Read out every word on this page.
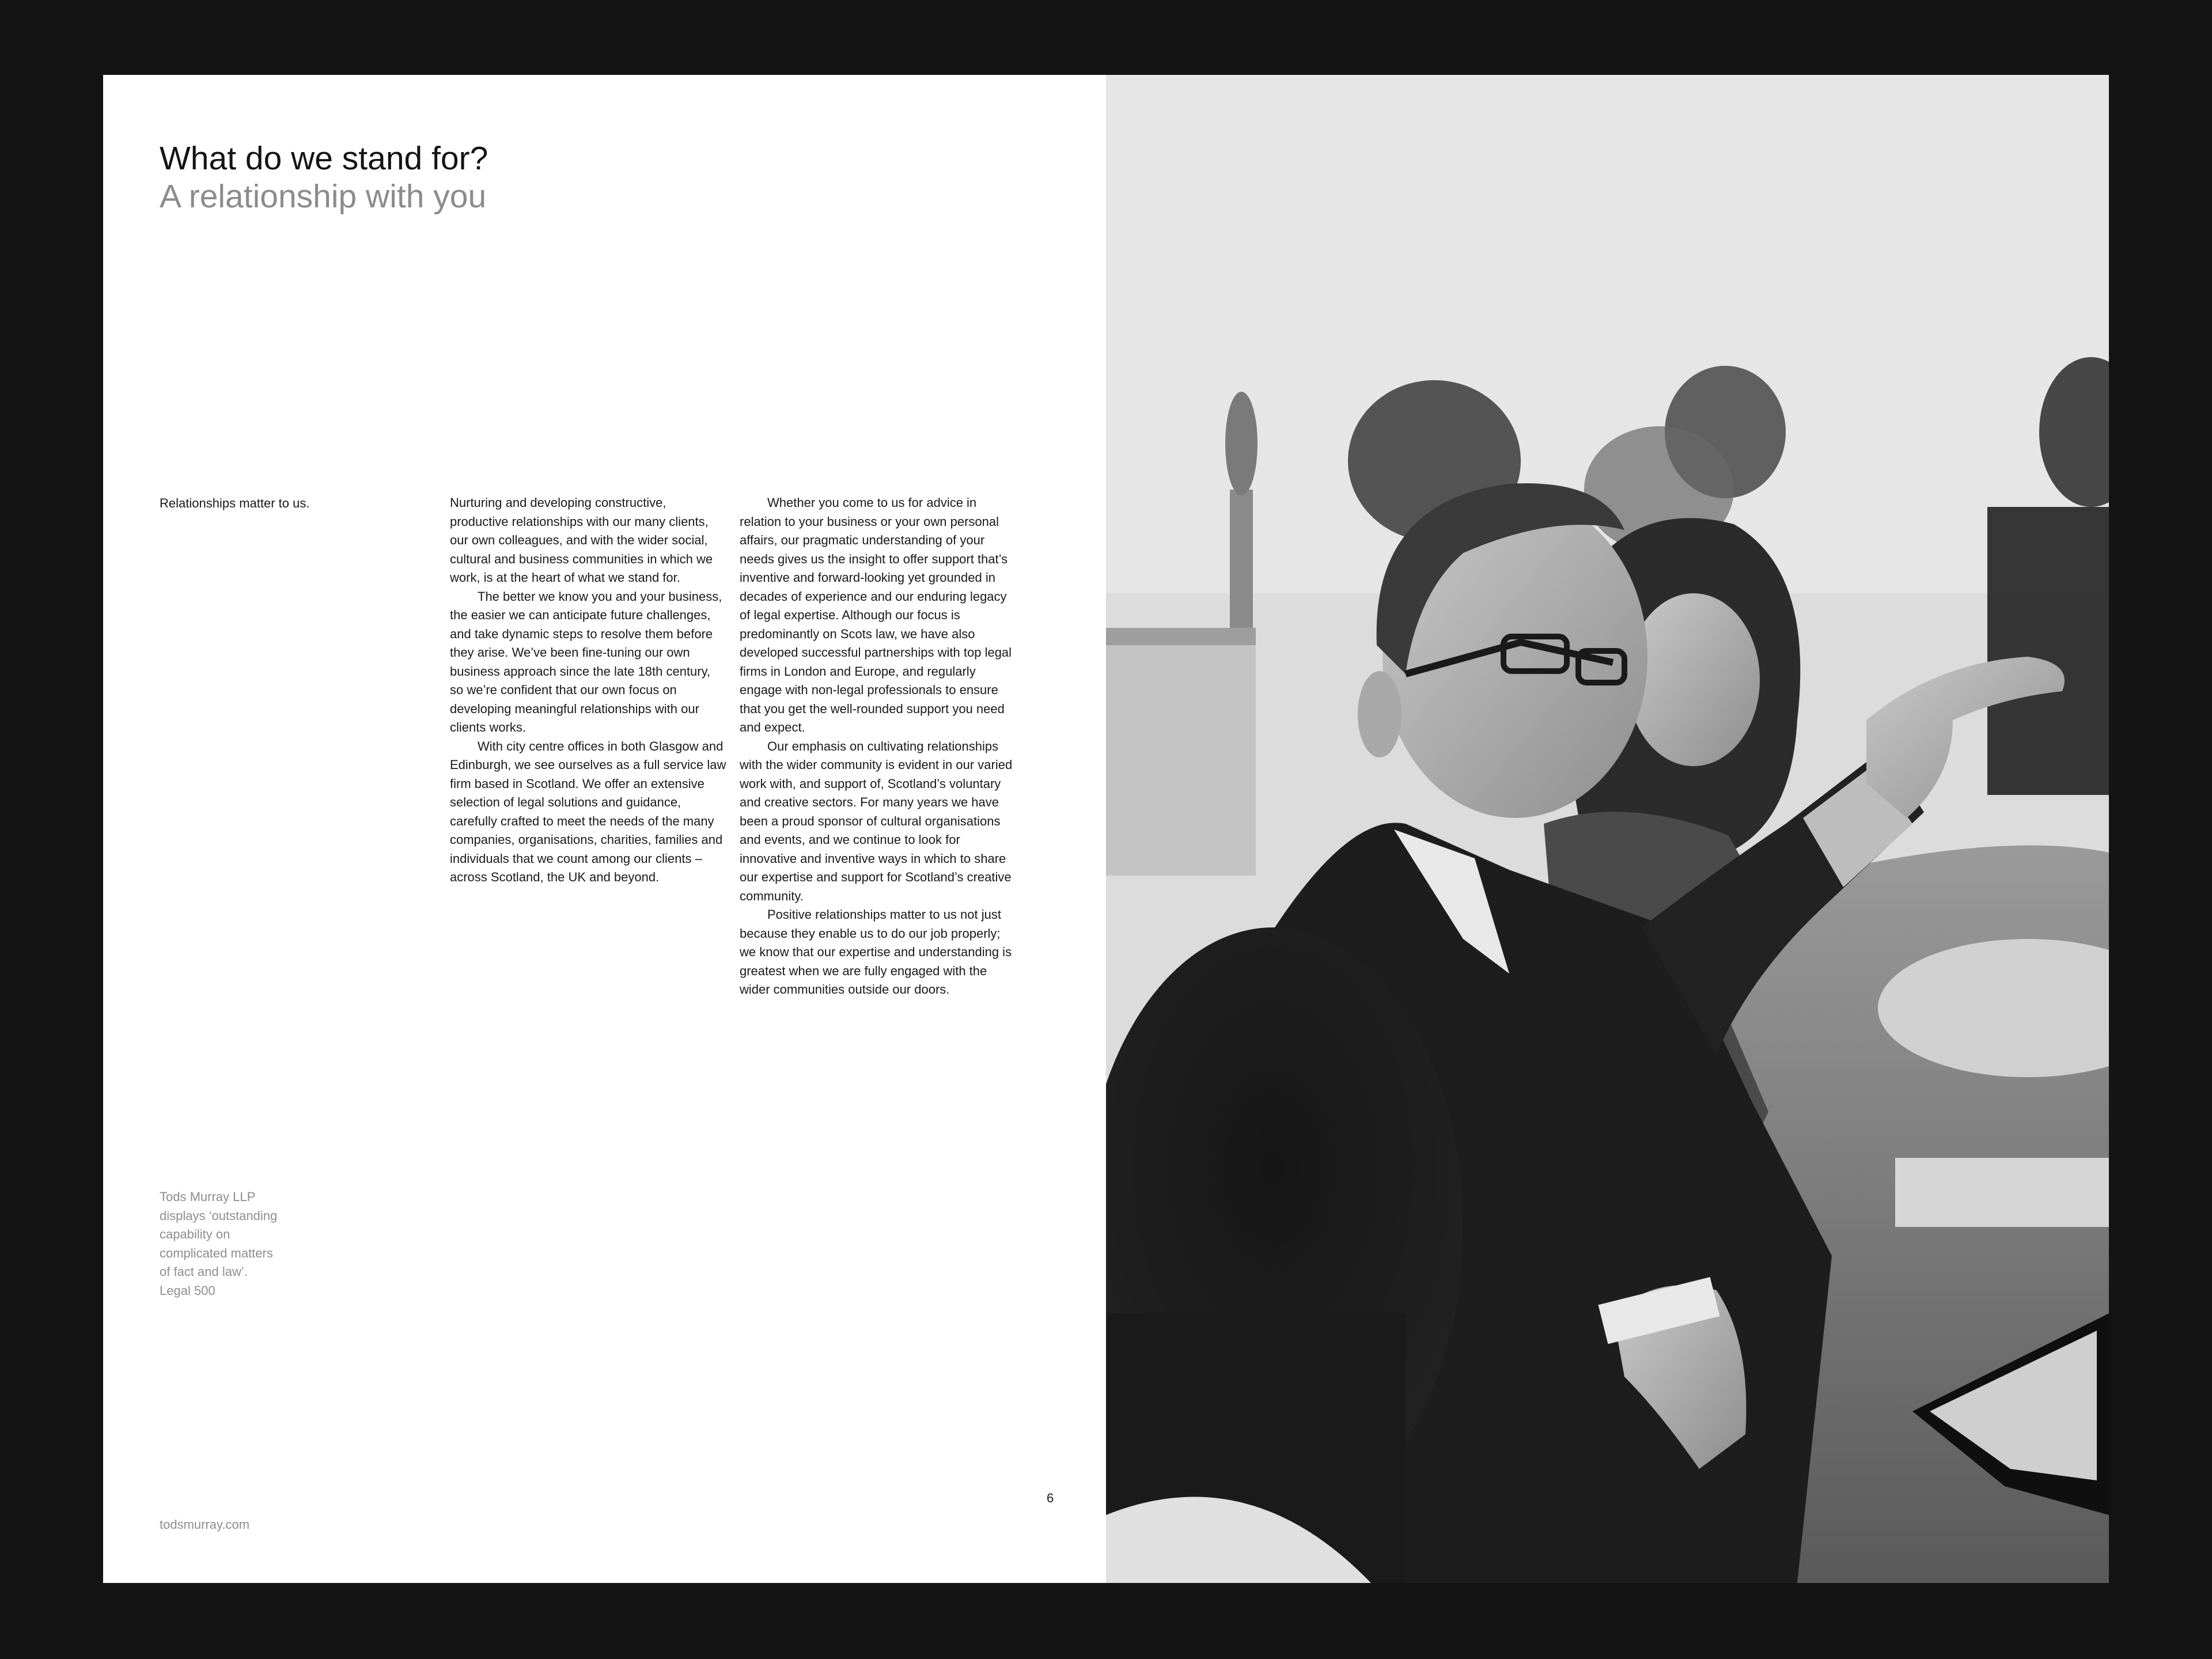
What do we stand for?
A relationship with you
Relationships matter to us.	Nurturing and developing constructive, productive relationships with our many clients, our own colleagues, and with the wider social, cultural and business communities in which we work, is at the heart of what we stand for.

The better we know you and your business, the easier we can anticipate future challenges, and take dynamic steps to resolve them before they arise. We’ve been fine-tuning our own business approach since the late 18th century, so we’re confident that our own focus on developing meaningful relationships with our clients works.

With city centre offices in both Glasgow and Edinburgh, we see ourselves as a full service law firm based in Scotland. We offer an extensive selection of legal solutions and guidance, carefully crafted to meet the needs of the many companies, organisations, charities, families and individuals that we count among our clients – across Scotland, the UK and beyond.

Whether you come to us for advice in relation to your business or your own personal affairs, our pragmatic understanding of your needs gives us the insight to offer support that’s inventive and forward-looking yet grounded in decades of experience and our enduring legacy of legal expertise. Although our focus is predominantly on Scots law, we have also developed successful partnerships with top legal firms in London and Europe, and regularly engage with non-legal professionals to ensure that you get the well-rounded support you need and expect.

Our emphasis on cultivating relationships with the wider community is evident in our varied work with, and support of, Scotland’s voluntary and creative sectors. For many years we have been a proud sponsor of cultural organisations and events, and we continue to look for innovative and inventive ways in which to share our expertise and support for Scotland’s creative community.

Positive relationships matter to us not just because they enable us to do our job properly; we know that our expertise and understanding is greatest when we are fully engaged with the wider communities outside our doors.

Tods Murray LLP
displays ‘outstanding
capability on
complicated matters
of fact and law’.
Legal 500
6
todsmurray.com
